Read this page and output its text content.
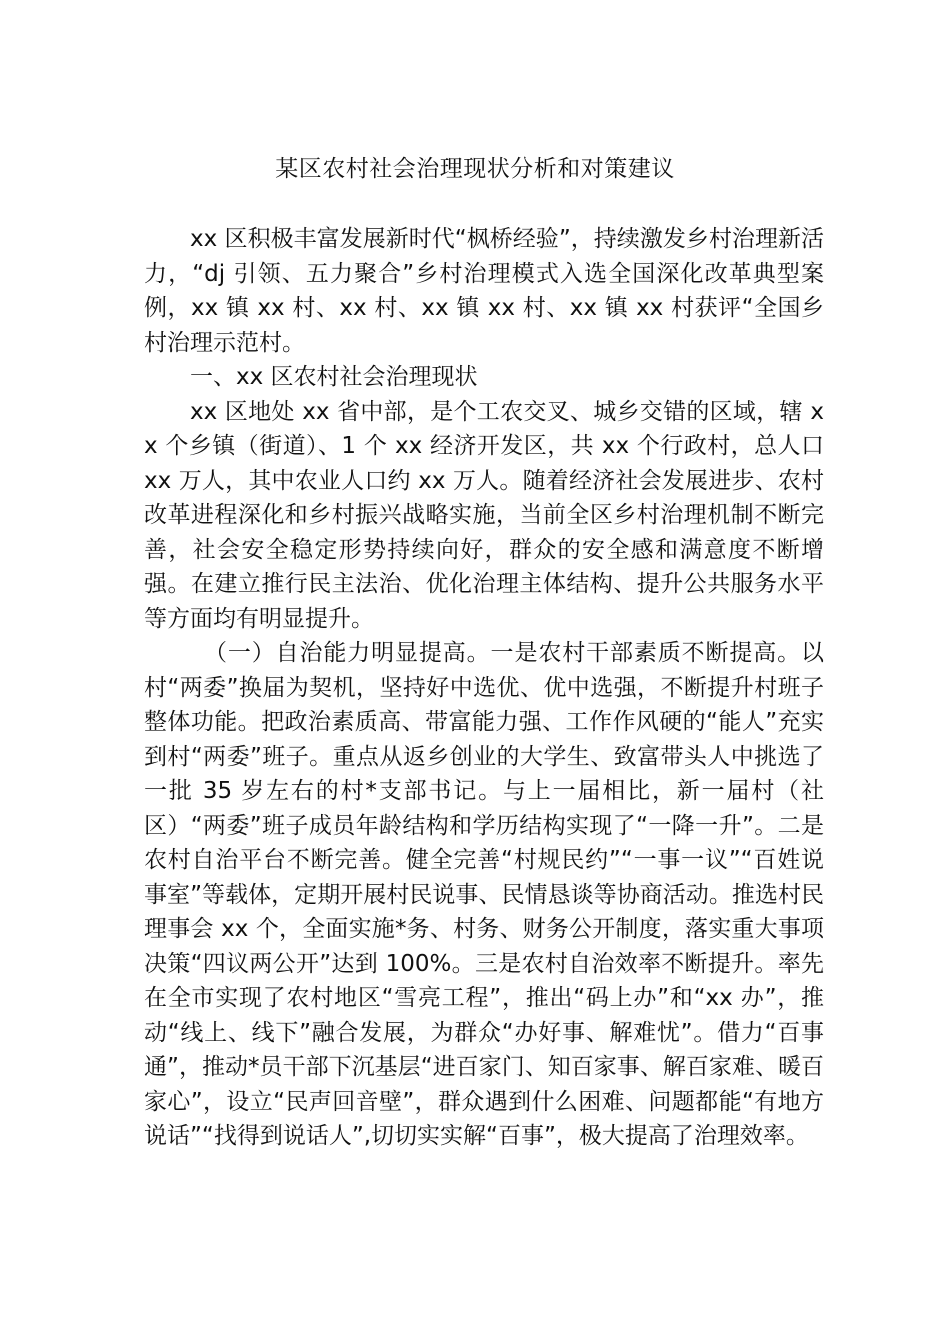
某区农村社会治理现状分析和对策建议

xx 区积极丰富发展新时代“枫桥经验”，持续激发乡村治理新活力，“dj 引领、五力聚合”乡村治理模式入选全国深化改革典型案例，xx 镇 xx 村、xx 村、xx 镇 xx 村、xx 镇 xx 村获评“全国乡村治理示范村。

一、xx 区农村社会治理现状

xx 区地处 xx 省中部，是个工农交叉、城乡交错的区域，辖 xx 个乡镇（街道）、1 个 xx 经济开发区，共 xx 个行政村，总人口 xx 万人，其中农业人口约 xx 万人。随着经济社会发展进步、农村改革进程深化和乡村振兴战略实施，当前全区乡村治理机制不断完善，社会安全稳定形势持续向好，群众的安全感和满意度不断增强。在建立推行民主法治、优化治理主体结构、提升公共服务水平等方面均有明显提升。

（一）自治能力明显提高。一是农村干部素质不断提高。以村“两委”换届为契机，坚持好中选优、优中选强，不断提升村班子整体功能。把政治素质高、带富能力强、工作作风硬的“能人”充实到村“两委”班子。重点从返乡创业的大学生、致富带头人中挑选了一批 35 岁左右的村*支部书记。与上一届相比，新一届村（社区）“两委”班子成员年龄结构和学历结构实现了“一降一升”。二是农村自治平台不断完善。健全完善“村规民约”“一事一议”“百姓说事室”等载体，定期开展村民说事、民情恳谈等协商活动。推选村民理事会 xx 个，全面实施*务、村务、财务公开制度，落实重大事项决策“四议两公开”达到 100%。三是农村自治效率不断提升。率先在全市实现了农村地区“雪亮工程”，推出“码上办”和“xx 办”，推动“线上、线下”融合发展，为群众“办好事、解难忧”。借力“百事通”，推动*员干部下沉基层“进百家门、知百家事、解百家难、暖百家心”，设立“民声回音壁”，群众遇到什么困难、问题都能“有地方说话”“找得到说话人”,切切实实解“百事”，极大提高了治理效率。
